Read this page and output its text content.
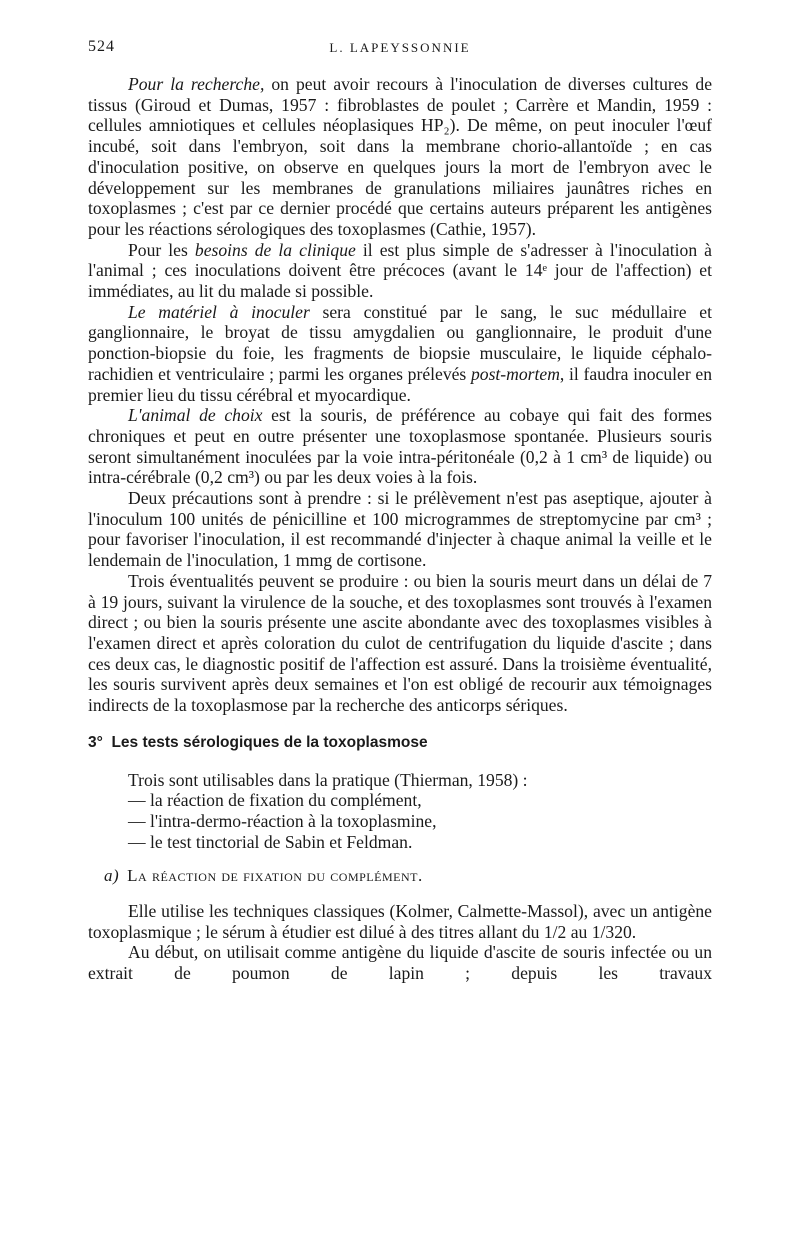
524	L. LAPEYSSONNIE

Pour la recherche, on peut avoir recours à l'inoculation de diverses cultures de tissus (Giroud et Dumas, 1957 : fibroblastes de poulet ; Carrère et Mandin, 1959 : cellules amniotiques et cellules néoplasiques HP₂). De même, on peut inoculer l'œuf incubé, soit dans l'embryon, soit dans la membrane chorio-allantoïde ; en cas d'inoculation positive, on observe en quelques jours la mort de l'embryon avec le développement sur les membranes de granulations miliaires jaunâtres riches en toxoplasmes ; c'est par ce dernier procédé que certains auteurs préparent les antigènes pour les réactions sérologiques des toxoplasmes (Cathie, 1957).

Pour les besoins de la clinique il est plus simple de s'adresser à l'inoculation à l'animal ; ces inoculations doivent être précoces (avant le 14ᵉ jour de l'affection) et immédiates, au lit du malade si possible.

Le matériel à inoculer sera constitué par le sang, le suc médullaire et ganglionnaire, le broyat de tissu amygdalien ou ganglionnaire, le produit d'une ponction-biopsie du foie, les fragments de biopsie musculaire, le liquide céphalo-rachidien et ventriculaire ; parmi les organes prélevés post-mortem, il faudra inoculer en premier lieu du tissu cérébral et myocardique.

L'animal de choix est la souris, de préférence au cobaye qui fait des formes chroniques et peut en outre présenter une toxoplasmose spontanée. Plusieurs souris seront simultanément inoculées par la voie intra-péritonéale (0,2 à 1 cm³ de liquide) ou intra-cérébrale (0,2 cm³) ou par les deux voies à la fois.

Deux précautions sont à prendre : si le prélèvement n'est pas aseptique, ajouter à l'inoculum 100 unités de pénicilline et 100 microgrammes de streptomycine par cm³ ; pour favoriser l'inoculation, il est recommandé d'injecter à chaque animal la veille et le lendemain de l'inoculation, 1 mmg de cortisone.

Trois éventualités peuvent se produire : ou bien la souris meurt dans un délai de 7 à 19 jours, suivant la virulence de la souche, et des toxoplasmes sont trouvés à l'examen direct ; ou bien la souris présente une ascite abondante avec des toxoplasmes visibles à l'examen direct et après coloration du culot de centrifugation du liquide d'ascite ; dans ces deux cas, le diagnostic positif de l'affection est assuré. Dans la troisième éventualité, les souris survivent après deux semaines et l'on est obligé de recourir aux témoignages indirects de la toxoplasmose par la recherche des anticorps sériques.

3° Les tests sérologiques de la toxoplasmose

Trois sont utilisables dans la pratique (Thierman, 1958) :

— la réaction de fixation du complément,
— l'intra-dermo-réaction à la toxoplasmine,
— le test tinctorial de Sabin et Feldman.
a) La réaction de fixation du complément.

Elle utilise les techniques classiques (Kolmer, Calmette-Massol), avec un antigène toxoplasmique ; le sérum à étudier est dilué à des titres allant du 1/2 au 1/320.

Au début, on utilisait comme antigène du liquide d'ascite de souris infectée ou un extrait de poumon de lapin ; depuis les travaux
